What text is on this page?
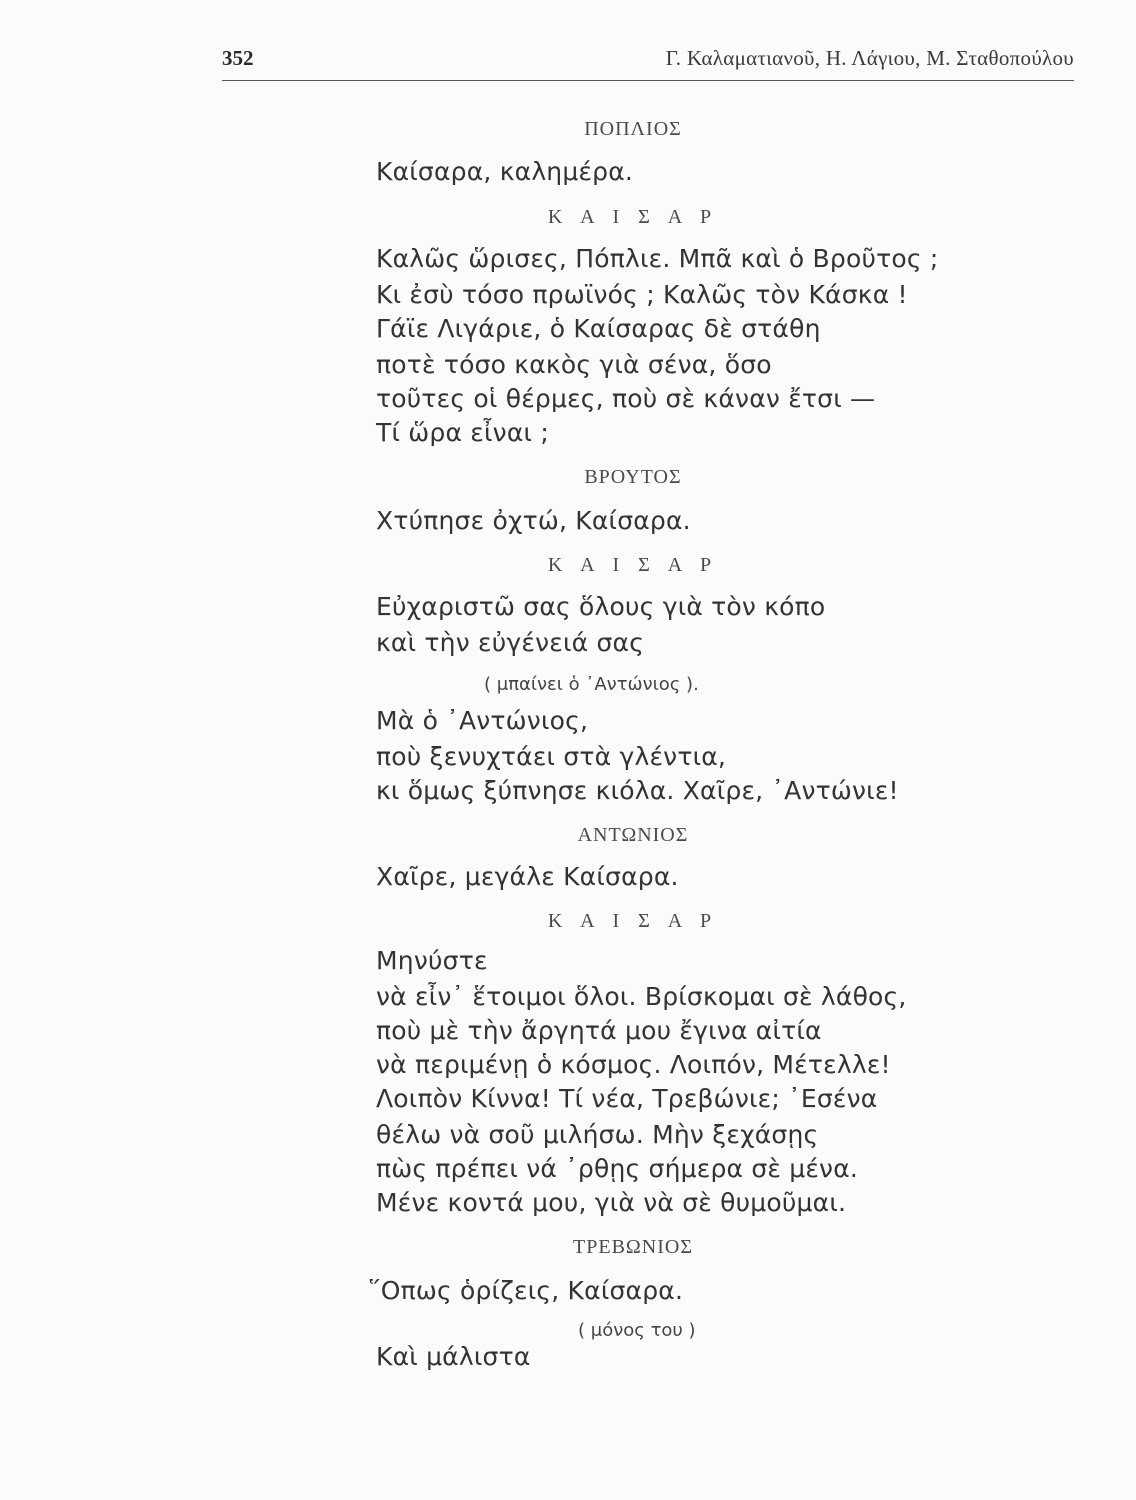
352	Γ. Καλαματιανοῦ, Η. Λάγιου, Μ. Σταθοπούλου
ΠΟΠΛΙΟΣ
Καίσαρα, καλημέρα.
Κ Α Ι Σ Α Ρ
Καλῶς ὥρισες, Πόπλιε. Μπᾶ καὶ ὁ Βροῦτος ;
Κι ἐσὺ τόσο πρωϊνός ; Καλῶς τὸν Κάσκα !
Γάϊε Λιγάριε, ὁ Καίσαρας δὲ στάθη
ποτὲ τόσο κακὸς γιὰ σένα, ὅσο
τοῦτες οἱ θέρμες, ποὺ σὲ κάναν ἔτσι —
Τί ὥρα εἶναι ;
ΒΡΟΥΤΟΣ
Χτύπησε ὀχτώ, Καίσαρα.
Κ Α Ι Σ Α Ρ
Εὐχαριστῶ σας ὅλους γιὰ τὸν κόπο
καὶ τὴν εὐγένειά σας
( μπαίνει ὁ ᾿Αντώνιος ).
Μὰ ὁ ᾿Αντώνιος,
ποὺ ξενυχτάει στὰ γλέντια,
κι ὅμως ξύπνησε κιόλα. Χαῖρε, ᾿Αντώνιε!
ΑΝΤΩΝΙΟΣ
Χαῖρε, μεγάλε Καίσαρα.
Κ Α Ι Σ Α Ρ
Μηνύστε
νὰ εἶν᾿ ἕτοιμοι ὅλοι. Βρίσκομαι σὲ λάθος,
ποὺ μὲ τὴν ἄργητά μου ἔγινα αἰτία
νὰ περιμένῃ ὁ κόσμος. Λοιπόν, Μέτελλε!
Λοιπὸν Κίννα! Τί νέα, Τρεβώνιε; ᾿Εσένα
θέλω νὰ σοῦ μιλήσω. Μὴν ξεχάσῃς
πὼς πρέπει νά ᾿ρθῃς σήμερα σὲ μένα.
Μένε κοντά μου, γιὰ νὰ σὲ θυμοῦμαι.
ΤΡΕΒΩΝΙΟΣ
῞Οπως ὁρίζεις, Καίσαρα.
( μόνος του )
Καὶ μάλιστα
